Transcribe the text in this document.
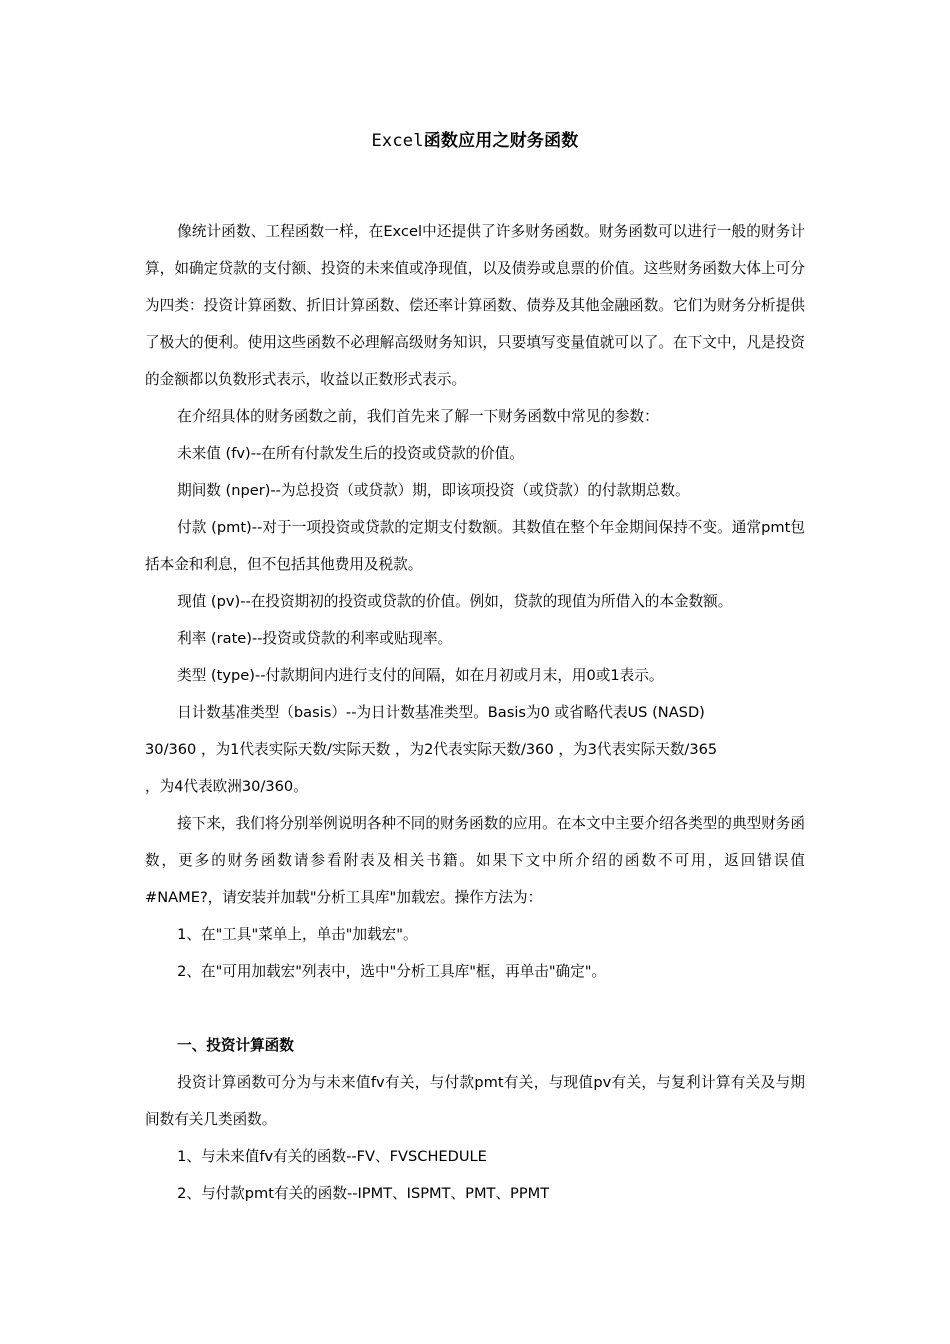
Excel函数应用之财务函数

像统计函数、工程函数一样，在Excel中还提供了许多财务函数。财务函数可以进行一般的财务计算，如确定贷款的支付额、投资的未来值或净现值，以及债券或息票的价值。这些财务函数大体上可分为四类：投资计算函数、折旧计算函数、偿还率计算函数、债券及其他金融函数。它们为财务分析提供了极大的便利。使用这些函数不必理解高级财务知识，只要填写变量值就可以了。在下文中，凡是投资的金额都以负数形式表示，收益以正数形式表示。

在介绍具体的财务函数之前，我们首先来了解一下财务函数中常见的参数：

未来值 (fv)--在所有付款发生后的投资或贷款的价值。

期间数 (nper)--为总投资（或贷款）期，即该项投资（或贷款）的付款期总数。

付款 (pmt)--对于一项投资或贷款的定期支付数额。其数值在整个年金期间保持不变。通常pmt包括本金和利息，但不包括其他费用及税款。

现值 (pv)--在投资期初的投资或贷款的价值。例如，贷款的现值为所借入的本金数额。

利率 (rate)--投资或贷款的利率或贴现率。

类型 (type)--付款期间内进行支付的间隔，如在月初或月末，用0或1表示。

日计数基准类型（basis）--为日计数基准类型。Basis为0 或省略代表US (NASD)
30/360 ，为1代表实际天数/实际天数 ，为2代表实际天数/360 ，为3代表实际天数/365
，为4代表欧洲30/360。

接下来，我们将分别举例说明各种不同的财务函数的应用。在本文中主要介绍各类型的典型财务函数，更多的财务函数请参看附表及相关书籍。如果下文中所介绍的函数不可用，返回错误值 #NAME?，请安装并加载"分析工具库"加载宏。操作方法为：

1、在"工具"菜单上，单击"加载宏"。

2、在"可用加载宏"列表中，选中"分析工具库"框，再单击"确定"。

一、投资计算函数

投资计算函数可分为与未来值fv有关，与付款pmt有关，与现值pv有关，与复利计算有关及与期间数有关几类函数。

1、与未来值fv有关的函数--FV、FVSCHEDULE

2、与付款pmt有关的函数--IPMT、ISPMT、PMT、PPMT
